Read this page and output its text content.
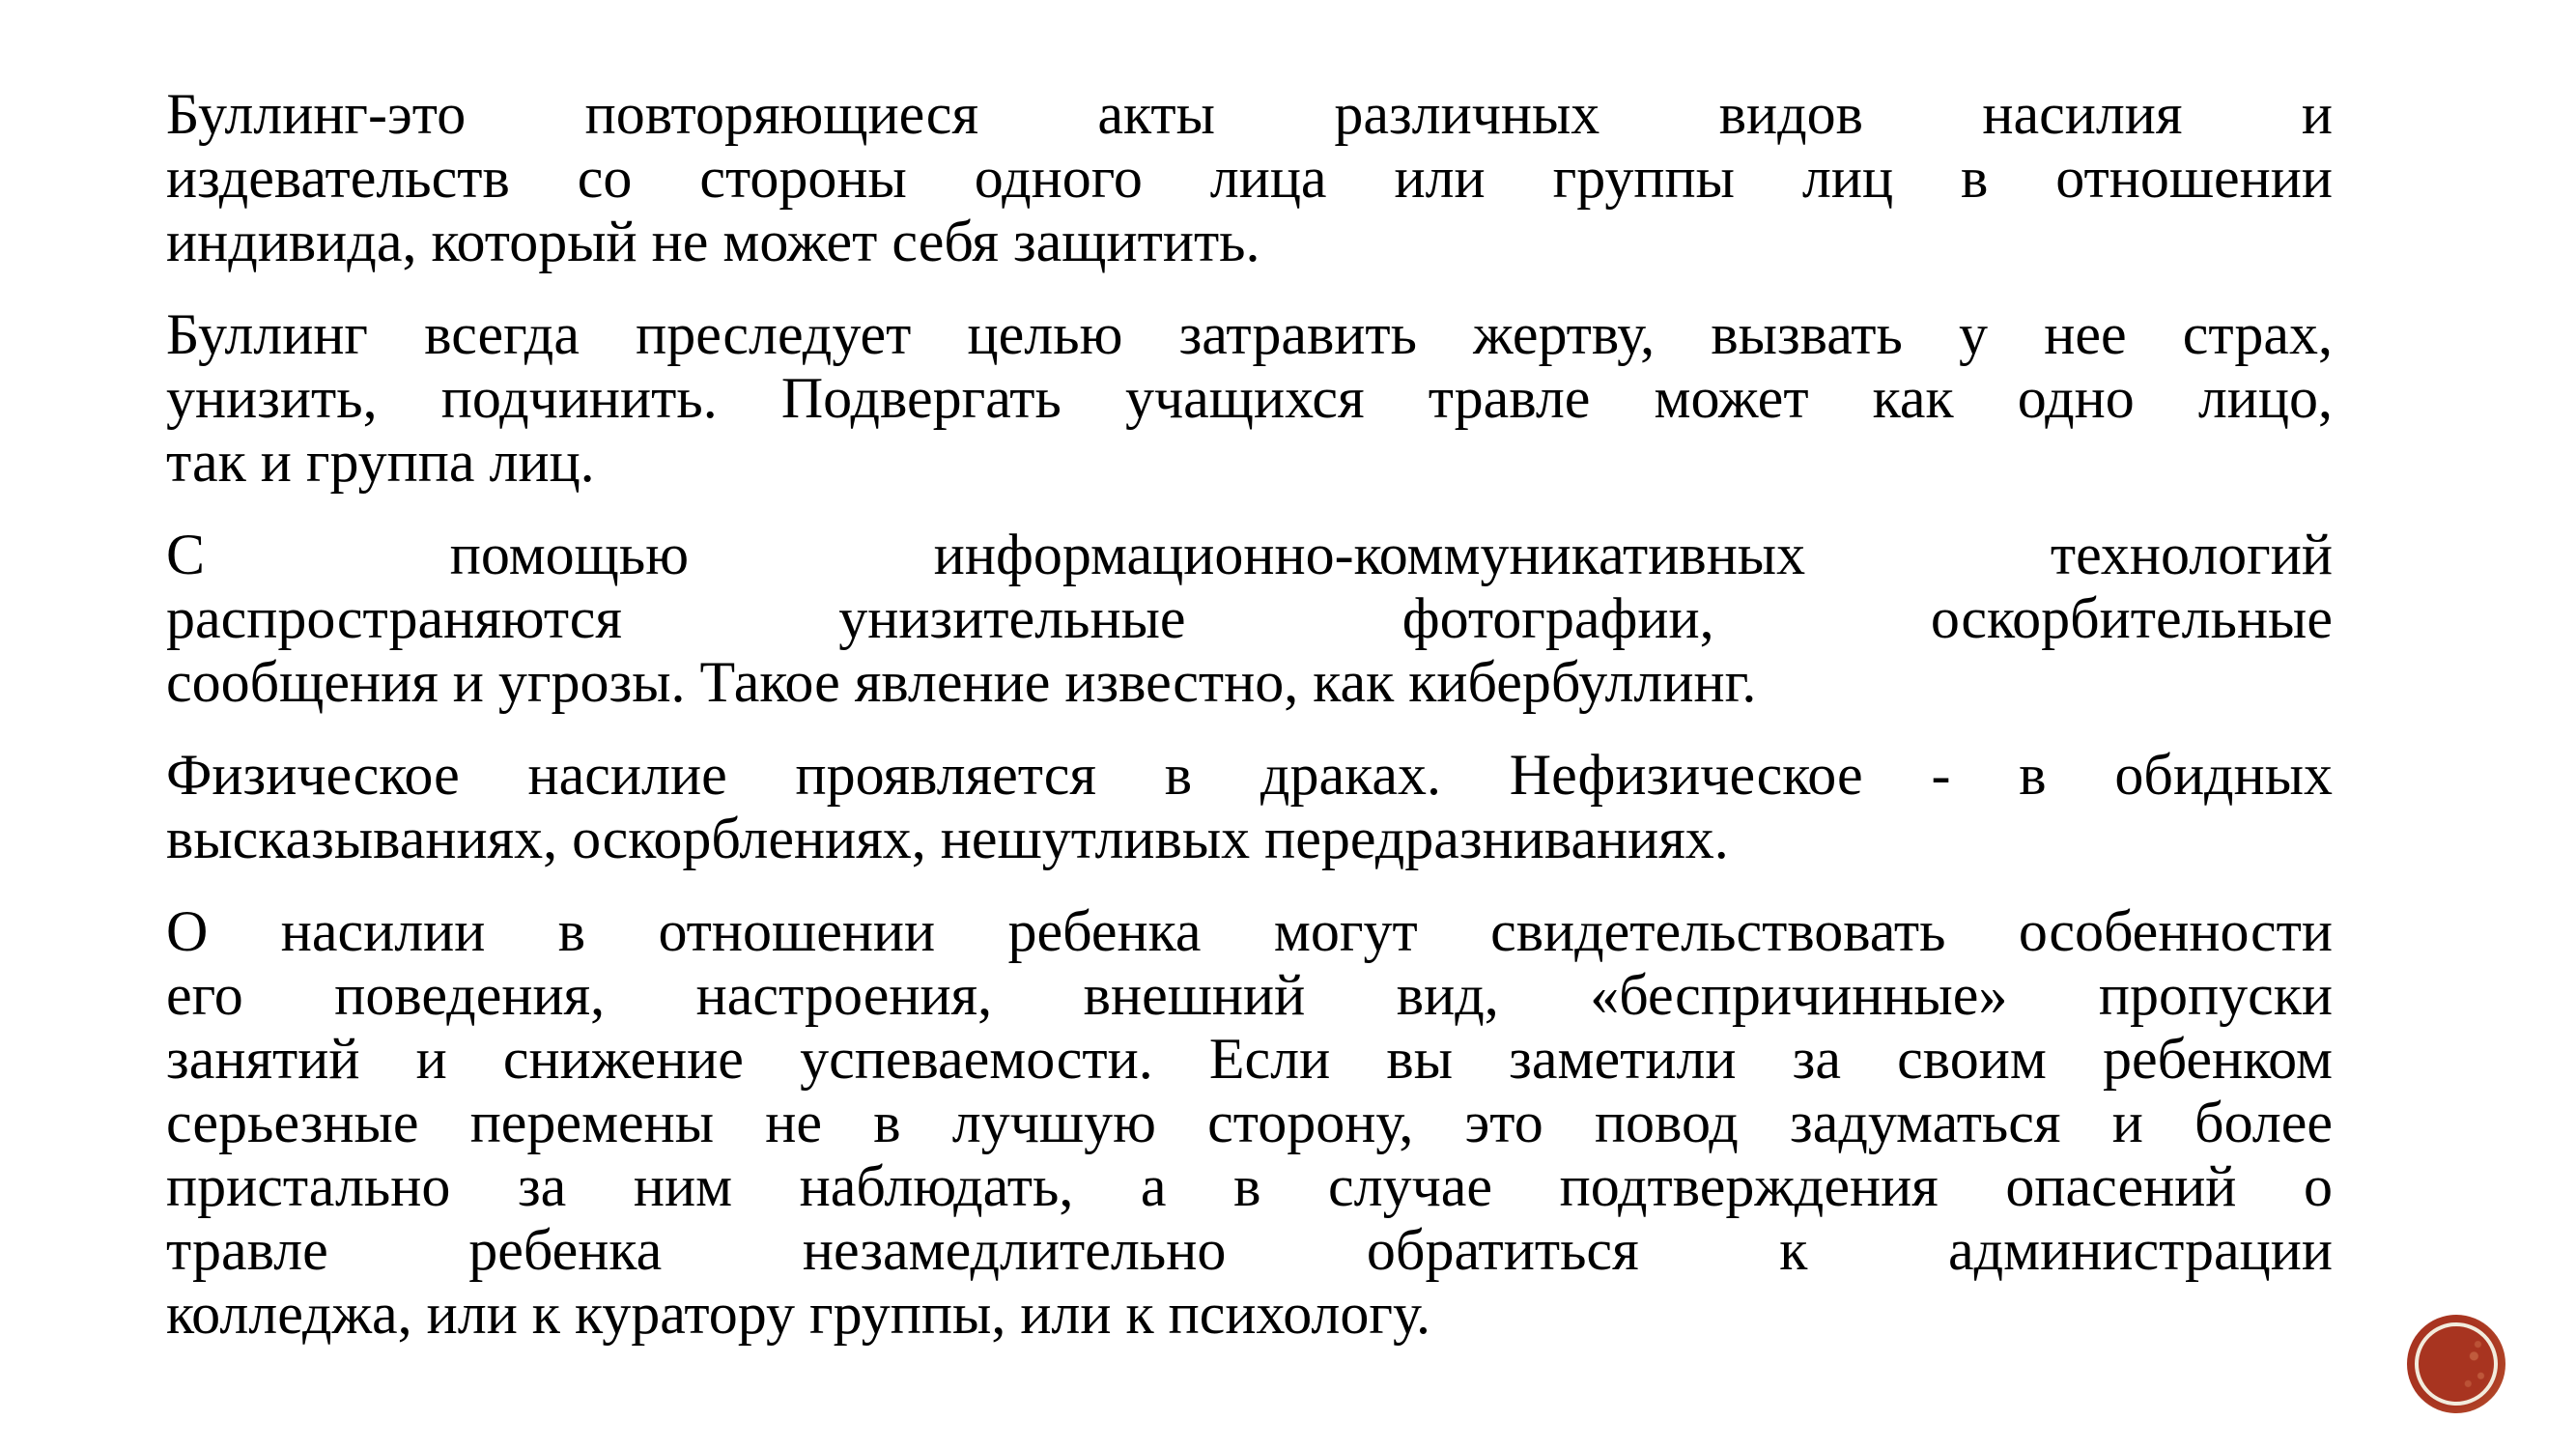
Буллинг-это повторяющиеся акты различных видов насилия и
издевательств со стороны одного лица или группы лиц в отношении
индивида, который не может себя защитить.
Буллинг всегда преследует целью затравить жертву, вызвать у нее страх,
унизить, подчинить. Подвергать учащихся травле может как одно лицо,
так и группа лиц.
С помощью информационно-коммуникативных технологий
распространяются унизительные фотографии, оскорбительные
сообщения и угрозы. Такое явление известно, как кибербуллинг.
Физическое насилие проявляется в драках. Нефизическое - в обидных
высказываниях, оскорблениях, нешутливых передразниваниях.
О насилии в отношении ребенка могут свидетельствовать особенности
его поведения, настроения, внешний вид, «беспричинные» пропуски
занятий и снижение успеваемости. Если вы заметили за своим ребенком
серьезные перемены не в лучшую сторону, это повод задуматься и более
пристально за ним наблюдать, а в случае подтверждения опасений о
травле ребенка незамедлительно обратиться к администрации
колледжа, или к куратору группы, или к психологу.
